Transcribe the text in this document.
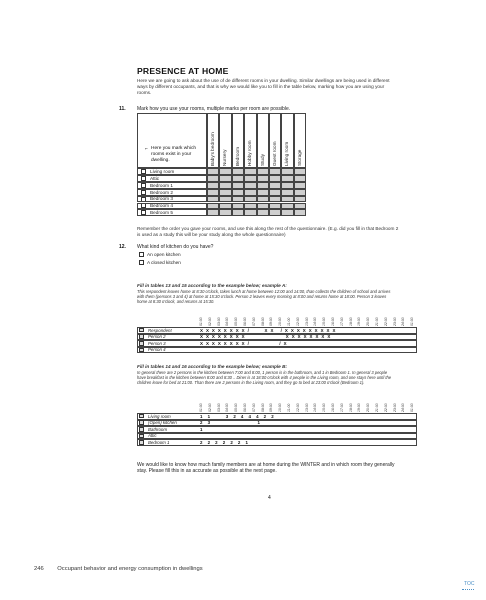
PRESENCE AT HOME
Here we are going to ask about the use of de different rooms in your dwelling. Similar dwellings are being used in different ways by different occupants, and that is why we would like you to fill in the table below, marking how you are using your rooms.
11. Mark how you use your rooms, multiple marks per room are possible.
⌐ Here you mark which rooms exist in your dwelling.	Baby's bedroom Nursery Bedroom Hobby room Study Guest room Living room Storage
Living room
Attic
Bedroom 1
Bedroom 2
Bedroom 3
Bedroom 4
Bedroom 5
Remember the order you gave your rooms, and use this along the rest of the questionnaire. (E.g. did you fill in that Bedroom 2 is used as a study this will be your study along the whole questionnaire)
12. What kind of kitchen do you have?
An open kitchen
A closed kitchen
Fill in tables 13 and 15 according to the example below; example A:
This respondent leaves home at 8:30 o'clock, takes lunch at home between 12:00 and 14:00, than collects the children of school and arrives with them (persons 3 and 4) at home at 15:30 o'clock. Person 2 leaves every morning at 8:00 and returns home at 18:00. Person 3 leaves home at 8:30 o'clock, and returns at 15:30.
01:00 02:00 03:00 04:00 05:00 06:00 07:00 08:00 09:00 10:00 11:00 12:00 13:00 14:00 15:00 16:00 17:00 18:00 19:00 20:00 21:00 22:00 23:00 24:00 01:00
Respondent	X X X X X X X X /       X X   / X X X X X X X X X
Person 2	X X X X X X X X                   X X X X X X X X
Person 3	X X X X X X X X /              / X
Person 4
Fill in tables 14 and 16 according to the example below; example B:
In general there are 2 persons in the kitchen between 7:00 and 8:00, 1 person is in the bathroom, and 1 in Bedroom 1. In general 3 people have breakfast in the kitchen between 8:00 and 8:30 .. Diner is at 18:00 o'clock with 4 people in the Living room, and one stays here until the children leave for bed at 21:00. Than there are 2 persons in the Living room, and they go to bed at 23:00 o'clock (Bedroom 1).
01:00 02:00 03:00 04:00 05:00 06:00 07:00 08:00 09:00 10:00 11:00 12:00 13:00 14:00 15:00 16:00 17:00 18:00 19:00 20:00 21:00 22:00 23:00 24:00 01:00
Living room	1  1       3  2  4  4  4  2  2
(Open) kitchen	2  3                      1
Bathroom	1
Attic
Bedroom 1	2  2  2  2  2  2  1
We would like to know how much family members are at home during the WINTER and in which room they generally stay. Please fill this in as accurate as possible at the next page.
4
246 Occupant behavior and energy consumption in dwellings
TOC
